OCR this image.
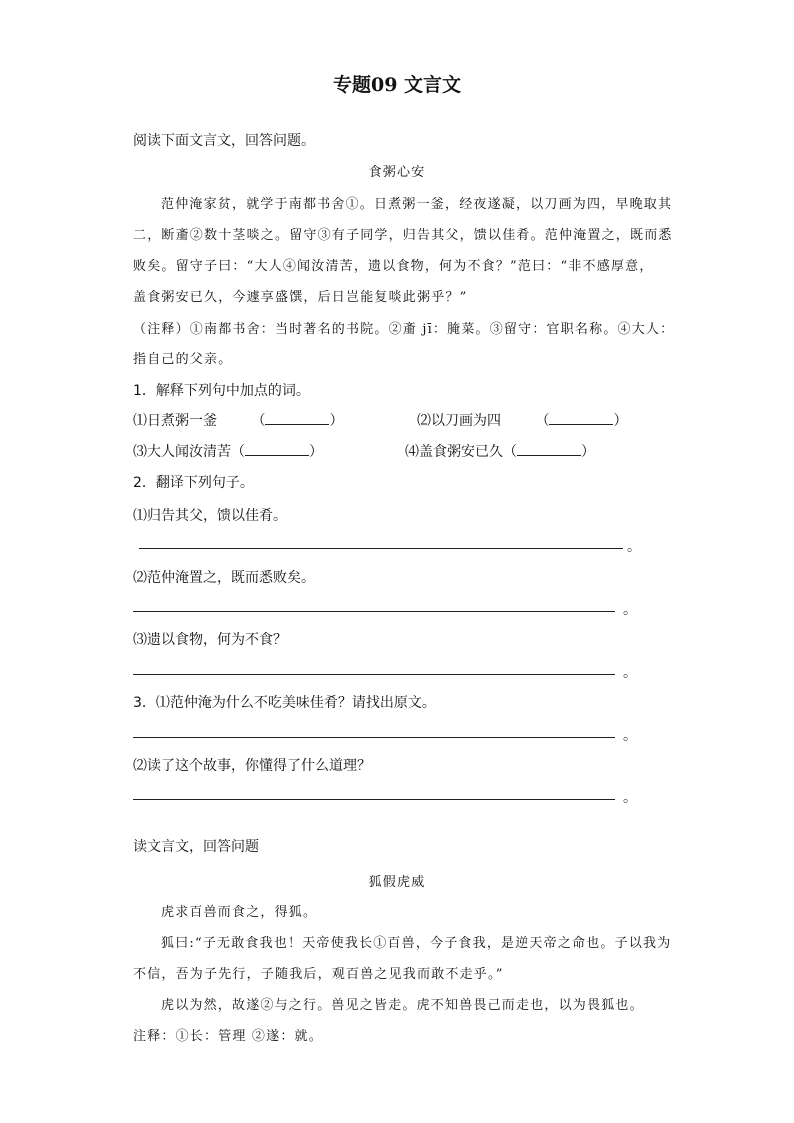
专题09 文言文
阅读下面文言文，回答问题。
食粥心安
范仲淹家贫，就学于南都书舍①。日煮粥一釜，经夜遂凝，以刀画为四，早晚取其
二，断齑②数十茎啖之。留守③有子同学，归告其父，馈以佳肴。范仲淹置之，既而悉
败矣。留守子曰：“大人④闻汝清苦，遗以食物，何为不食？”范曰：“非不感厚意，
盖食粥安已久，今遽享盛馔，后日岂能复啖此粥乎？”
（注释）①南都书舍：当时著名的书院。②齑 jī：腌菜。③留守：官职名称。④大人：
指自己的父亲。
1．解释下列句中加点的词。
⑴日煮粥一釜 （	）	⑵以刀画为四 （	）
⑶大人闻汝清苦（	）	⑷盖食粥安已久（	）
2．翻译下列句子。
⑴归告其父，馈以佳肴。
。
⑵范仲淹置之，既而悉败矣。
。
⑶遗以食物，何为不食？
。
3．⑴范仲淹为什么不吃美味佳肴？请找出原文。
。
⑵读了这个故事，你懂得了什么道理？
。
读文言文，回答问题
狐假虎威
虎求百兽而食之，得狐。
狐曰:“子无敢食我也！天帝使我长①百兽，今子食我，是逆天帝之命也。子以我为
不信，吾为子先行，子随我后，观百兽之见我而敢不走乎。”
虎以为然，故遂②与之行。兽见之皆走。虎不知兽畏己而走也，以为畏狐也。
注释：①长：管理 ②遂：就。
